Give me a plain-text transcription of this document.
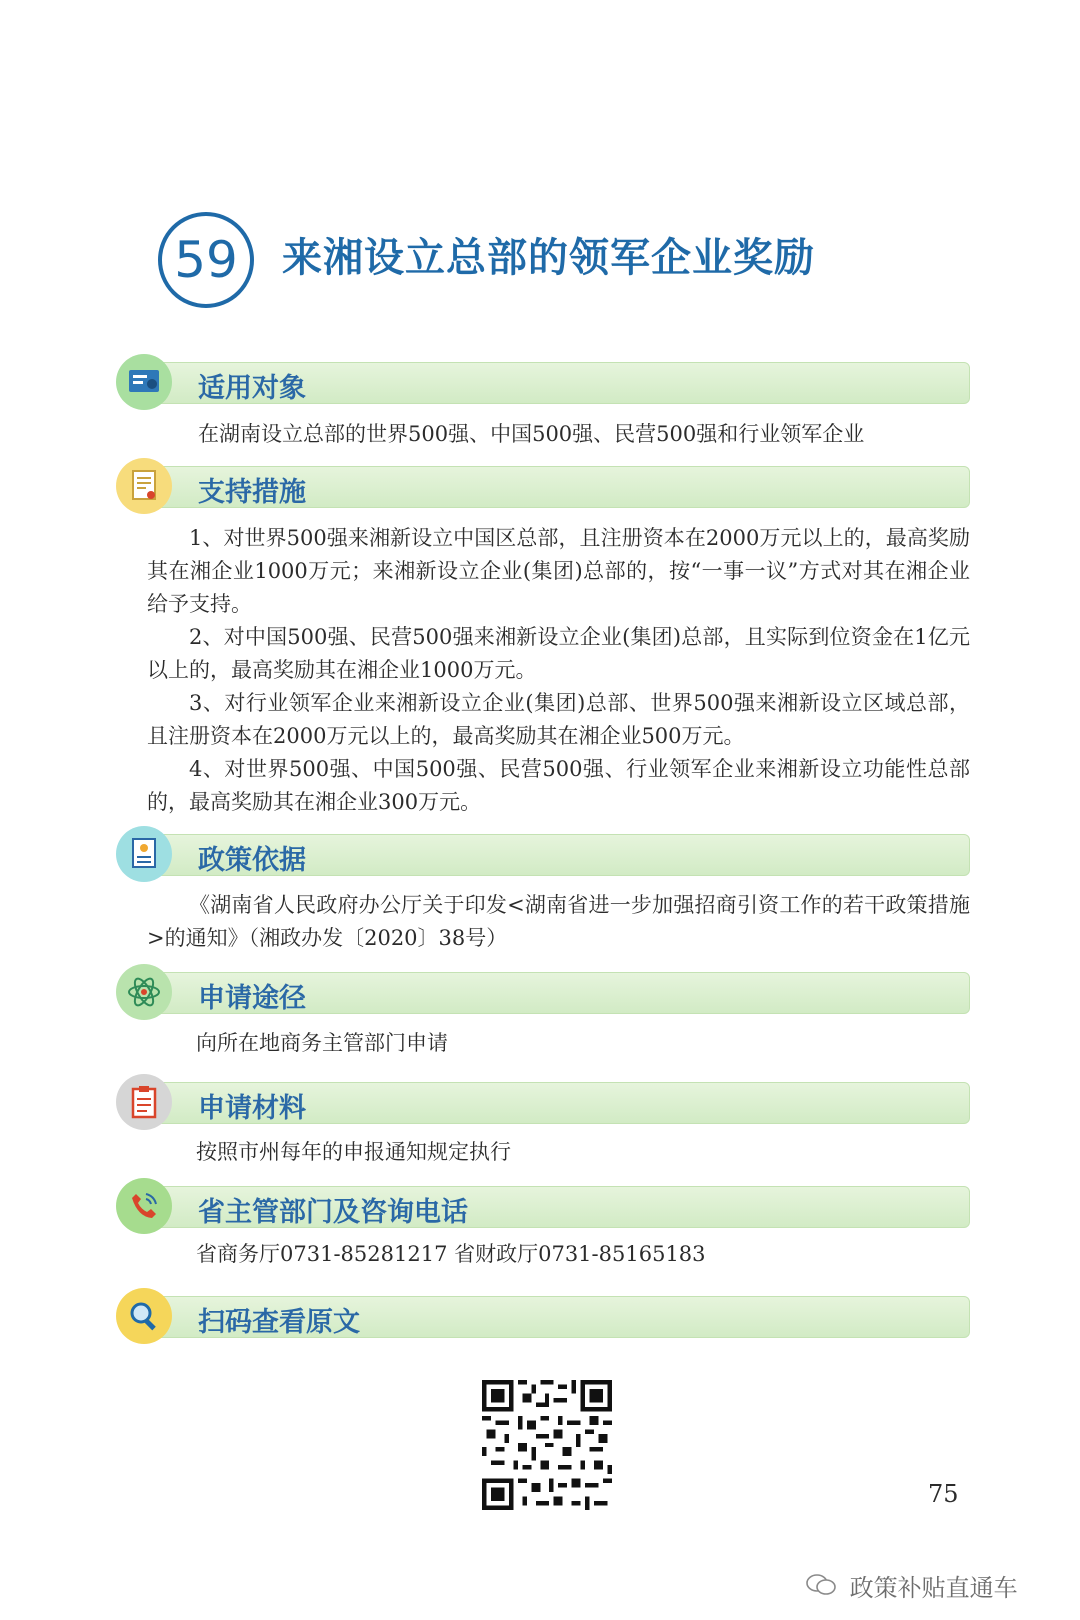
59	来湘设立总部的领军企业奖励
适用对象
在湖南设立总部的世界500强、中国500强、民营500强和行业领军企业
支持措施
1、对世界500强来湘新设立中国区总部，且注册资本在2000万元以上的，最高奖励其在湘企业1000万元；来湘新设立企业(集团)总部的，按“一事一议”方式对其在湘企业给予支持。
2、对中国500强、民营500强来湘新设立企业(集团)总部，且实际到位资金在1亿元以上的，最高奖励其在湘企业1000万元。
3、对行业领军企业来湘新设立企业(集团)总部、世界500强来湘新设立区域总部，且注册资本在2000万元以上的，最高奖励其在湘企业500万元。
4、对世界500强、中国500强、民营500强、行业领军企业来湘新设立功能性总部的，最高奖励其在湘企业300万元。
政策依据
《湖南省人民政府办公厅关于印发<湖南省进一步加强招商引资工作的若干政策措施>的通知》（湘政办发〔2020〕38号）
申请途径
向所在地商务主管部门申请
申请材料
按照市州每年的申报通知规定执行
省主管部门及咨询电话
省商务厅0731-85281217 省财政厅0731-85165183
扫码查看原文
75
政策补贴直通车
